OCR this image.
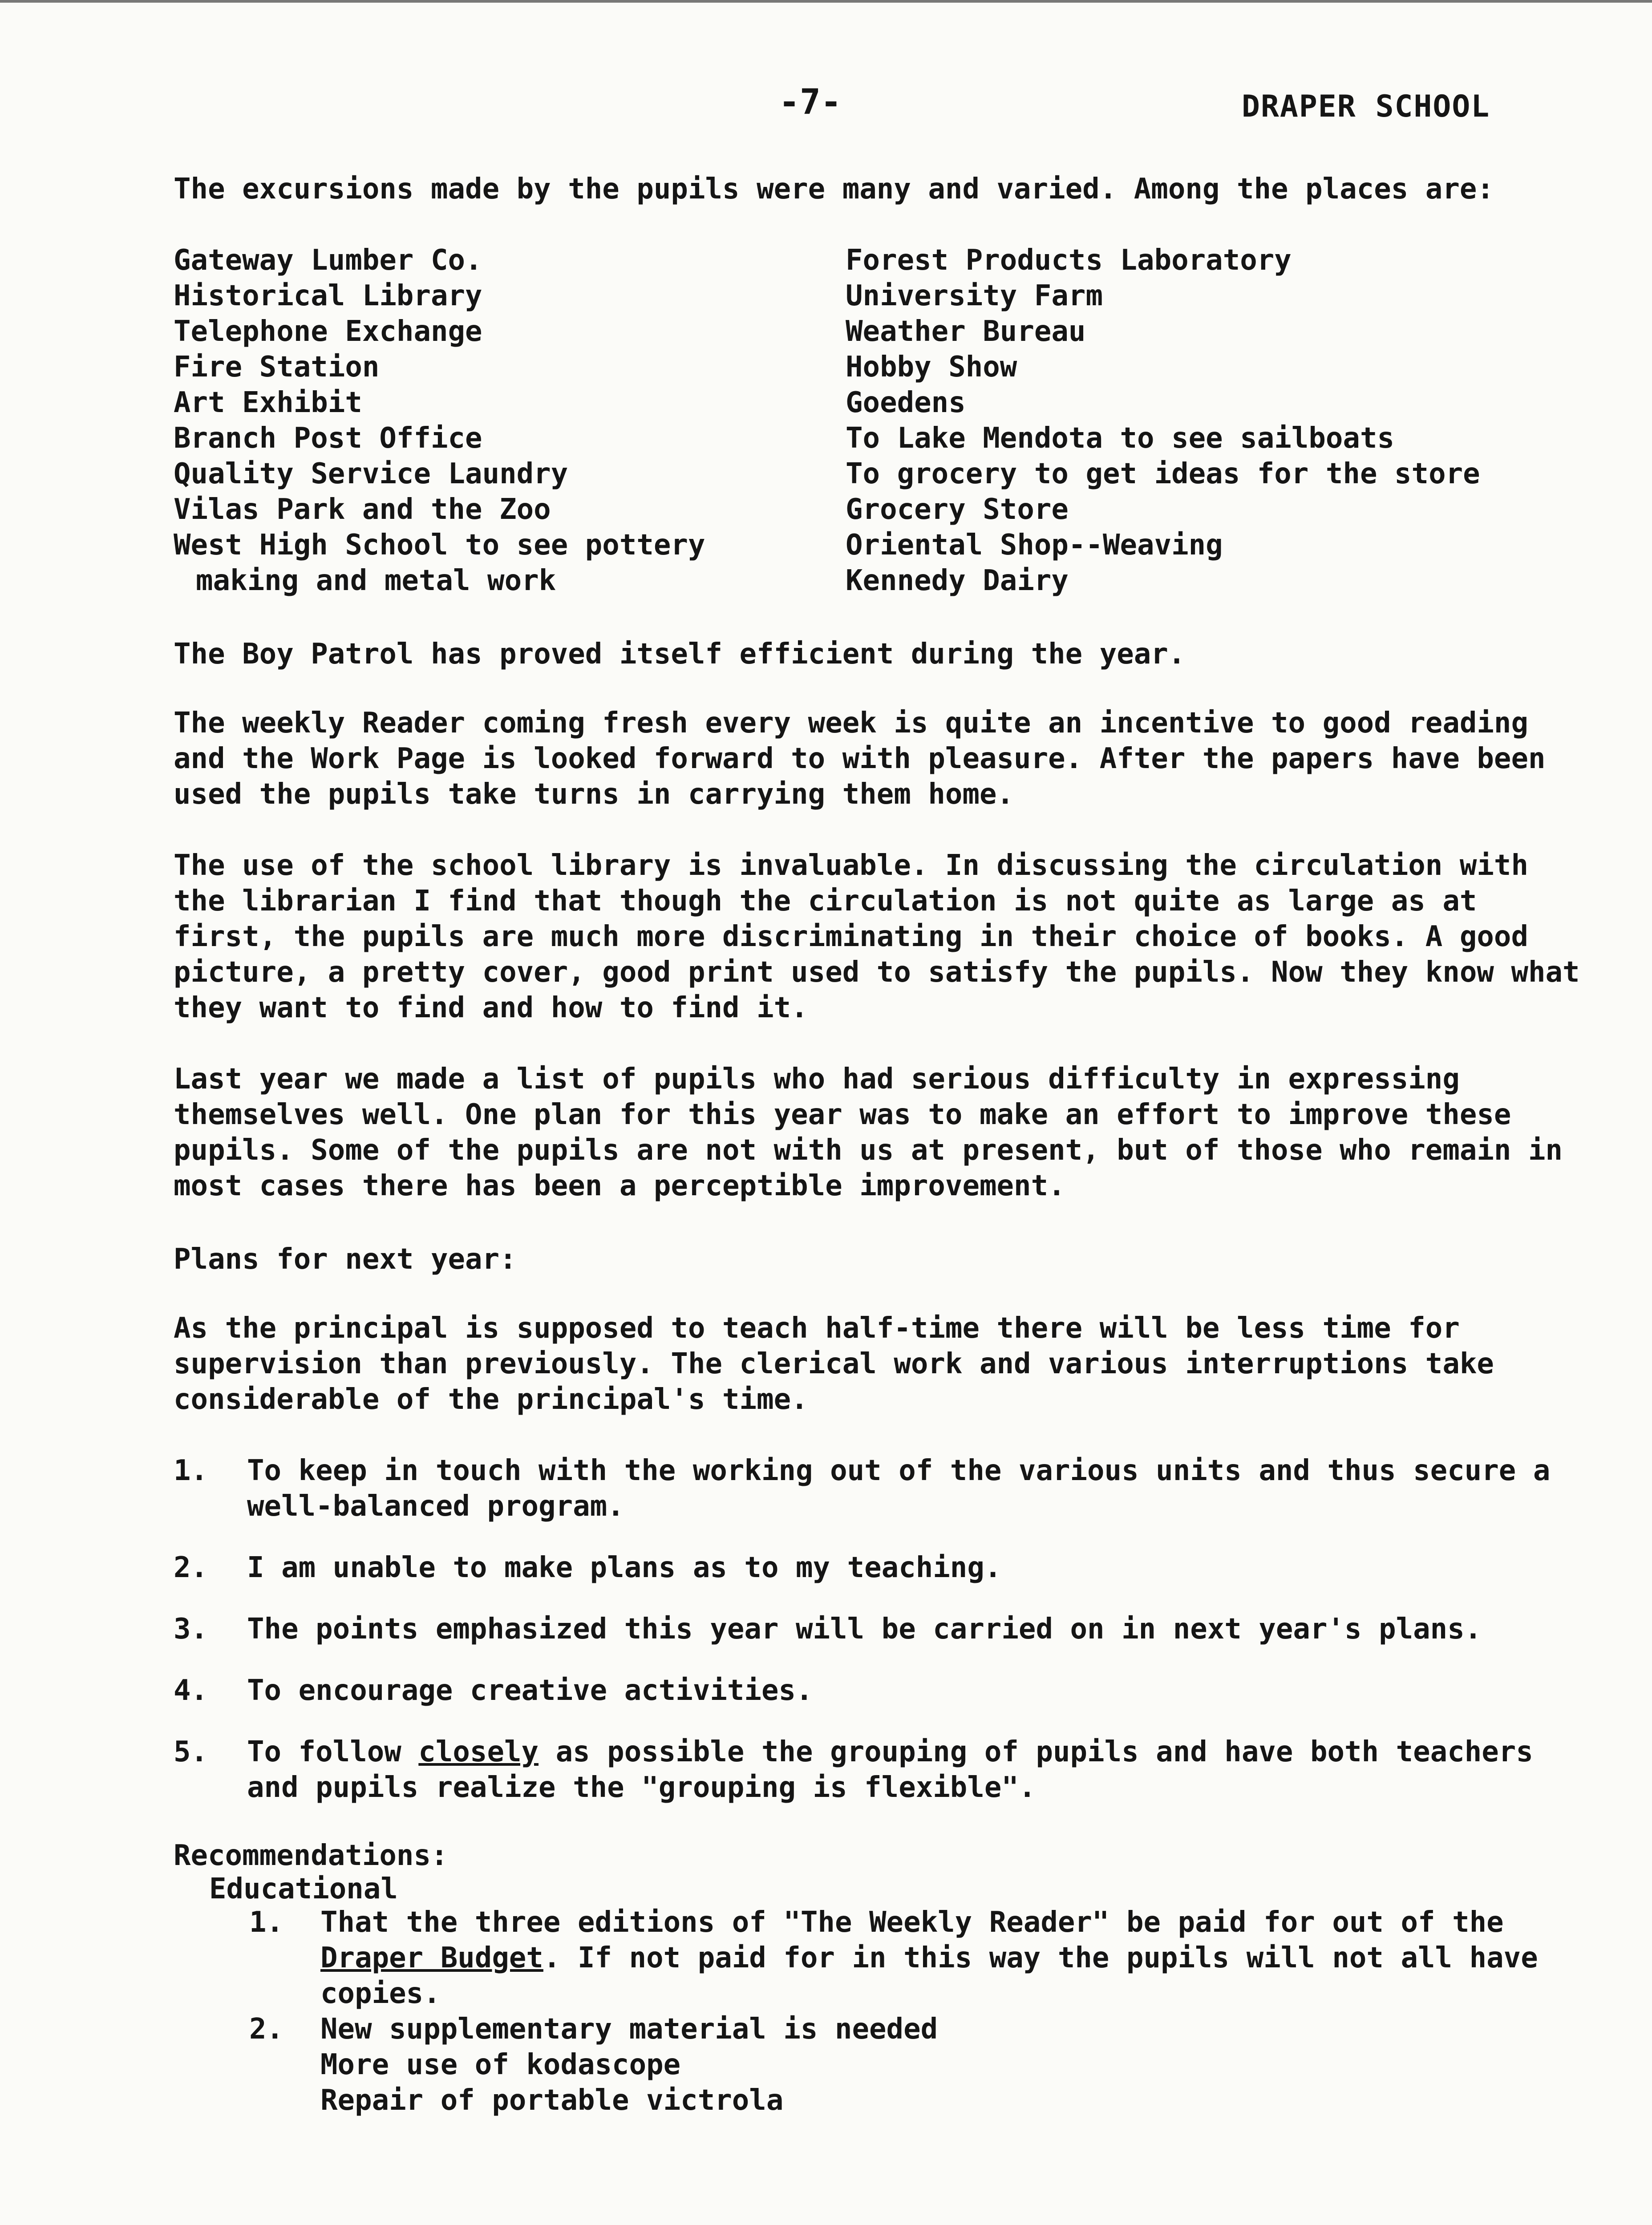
-7-	DRAPER SCHOOL
The excursions made by the pupils were many and varied. Among the places are:
Gateway Lumber Co.
Historical Library
Telephone Exchange
Fire Station
Art Exhibit
Branch Post Office
Quality Service Laundry
Vilas Park and the Zoo
West High School to see pottery
making and metal work
Forest Products Laboratory
University Farm
Weather Bureau
Hobby Show
Goedens
To Lake Mendota to see sailboats
To grocery to get ideas for the store
Grocery Store
Oriental Shop--Weaving
Kennedy Dairy
The Boy Patrol has proved itself efficient during the year.
The weekly Reader coming fresh every week is quite an incentive to good reading and the Work Page is looked forward to with pleasure. After the papers have been used the pupils take turns in carrying them home.
The use of the school library is invaluable. In discussing the circulation with the librarian I find that though the circulation is not quite as large as at first, the pupils are much more discriminating in their choice of books. A good picture, a pretty cover, good print used to satisfy the pupils. Now they know what they want to find and how to find it.
Last year we made a list of pupils who had serious difficulty in expressing themselves well. One plan for this year was to make an effort to improve these pupils. Some of the pupils are not with us at present, but of those who remain in most cases there has been a perceptible improvement.
Plans for next year:
As the principal is supposed to teach half-time there will be less time for supervision than previously. The clerical work and various interruptions take considerable of the principal's time.
1. To keep in touch with the working out of the various units and thus secure a well-balanced program.
2. I am unable to make plans as to my teaching.
3. The points emphasized this year will be carried on in next year's plans.
4. To encourage creative activities.
5. To follow closely as possible the grouping of pupils and have both teachers and pupils realize the "grouping is flexible".
Recommendations:
Educational
1. That the three editions of "The Weekly Reader" be paid for out of the Draper Budget. If not paid for in this way the pupils will not all have copies.
2. New supplementary material is needed
More use of kodascope
Repair of portable victrola
